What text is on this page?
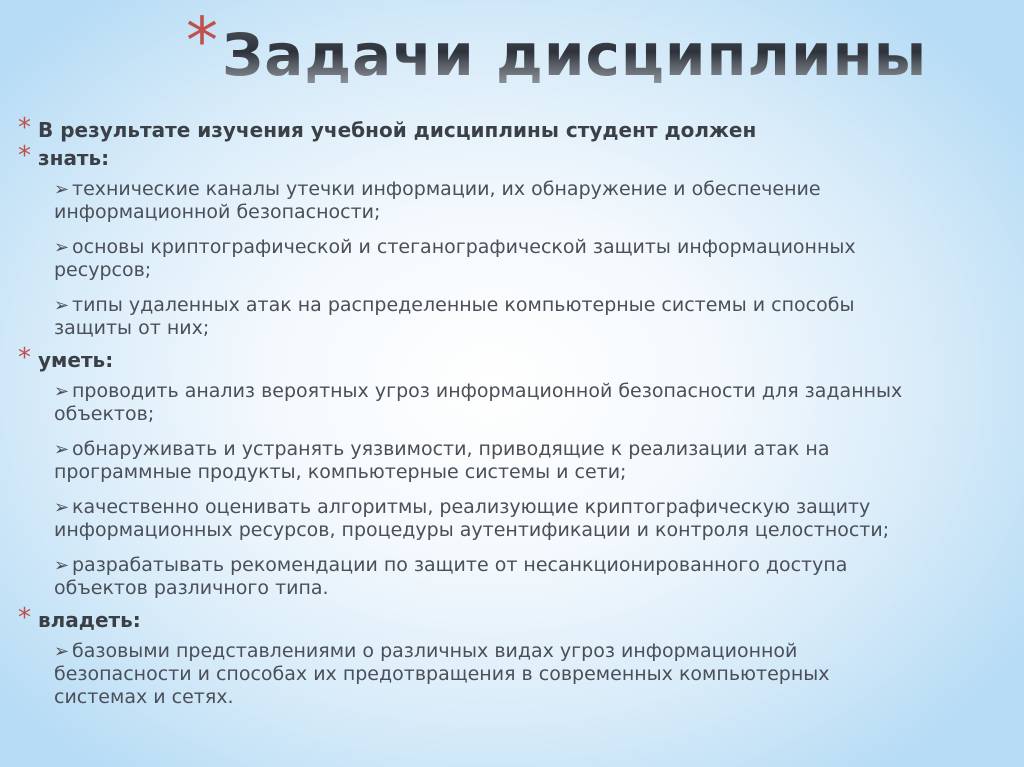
* Задачи дисциплины
* В результате изучения учебной дисциплины студент должен
* знать:
➢ технические каналы утечки информации, их обнаружение и обеспечение
информационной безопасности;
➢ основы криптографической и стеганографической защиты информационных
ресурсов;
➢ типы удаленных атак на распределенные компьютерные системы и способы
защиты от них;
* уметь:
➢ проводить анализ вероятных угроз информационной безопасности для заданных
объектов;
➢ обнаруживать и устранять уязвимости, приводящие к реализации атак на
программные продукты, компьютерные системы и сети;
➢ качественно оценивать алгоритмы, реализующие криптографическую защиту
информационных ресурсов, процедуры аутентификации и контроля целостности;
➢ разрабатывать рекомендации по защите от несанкционированного доступа
объектов различного типа.
* владеть:
➢ базовыми представлениями о различных видах угроз информационной
безопасности и способах их предотвращения в современных компьютерных
системах и сетях.
